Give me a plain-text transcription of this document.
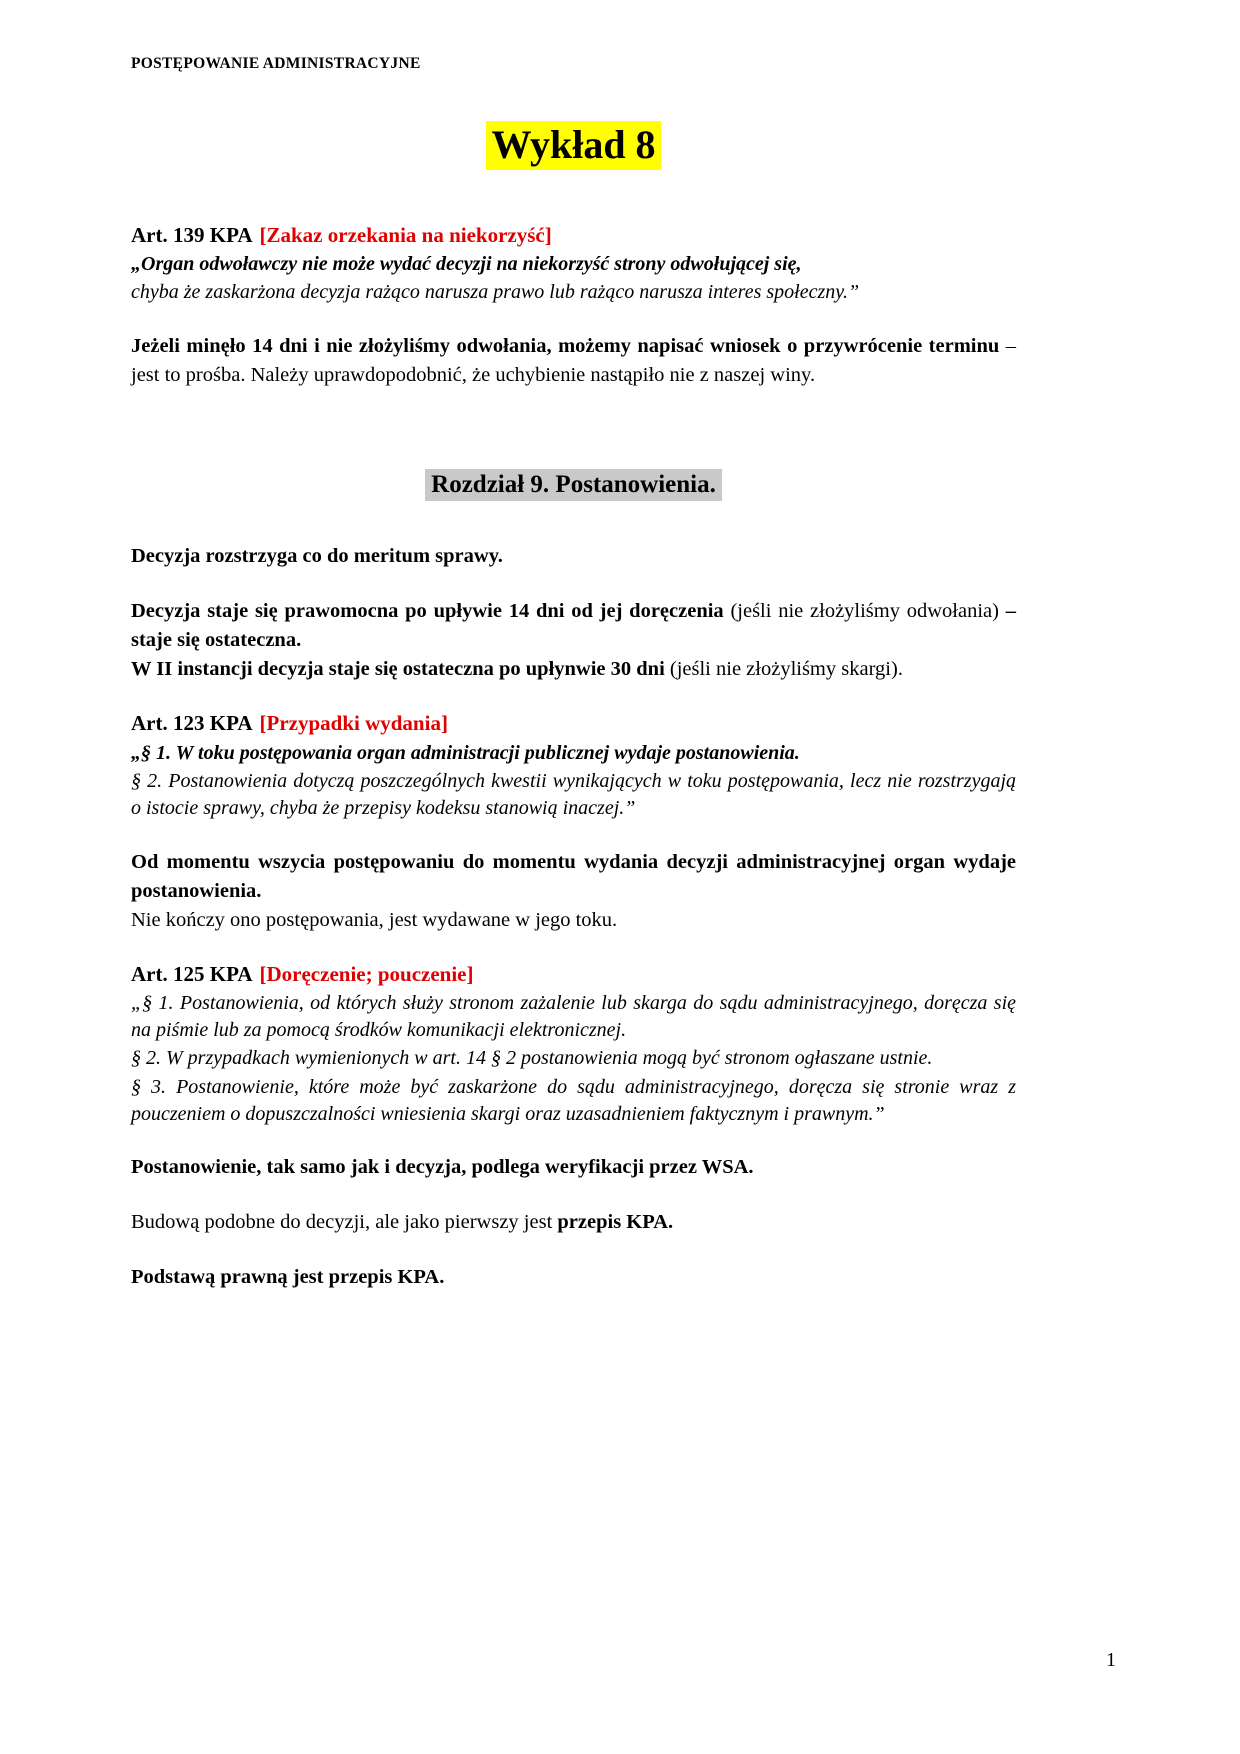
POSTĘPOWANIE ADMINISTRACYJNE

Wykład 8

Art. 139 KPA [Zakaz orzekania na niekorzyść]

„Organ odwoławczy nie może wydać decyzji na niekorzyść strony odwołującej się,

chyba że zaskarżona decyzja rażąco narusza prawo lub rażąco narusza interes społeczny.”

Jeżeli minęło 14 dni i nie złożyliśmy odwołania, możemy napisać wniosek o przywrócenie terminu – jest to prośba. Należy uprawdopodobnić, że uchybienie nastąpiło nie z naszej winy.

Rozdział 9. Postanowienia.

Decyzja rozstrzyga co do meritum sprawy.

Decyzja staje się prawomocna po upływie 14 dni od jej doręczenia (jeśli nie złożyliśmy odwołania) – staje się ostateczna.

W II instancji decyzja staje się ostateczna po upłynwie 30 dni (jeśli nie złożyliśmy skargi).

Art. 123 KPA [Przypadki wydania]

„§ 1. W toku postępowania organ administracji publicznej wydaje postanowienia.

§ 2. Postanowienia dotyczą poszczególnych kwestii wynikających w toku postępowania, lecz nie rozstrzygają o istocie sprawy, chyba że przepisy kodeksu stanowią inaczej.”

Od momentu wszycia postępowaniu do momentu wydania decyzji administracyjnej organ wydaje postanowienia.

Nie kończy ono postępowania, jest wydawane w jego toku.

Art. 125 KPA [Doręczenie; pouczenie]

„§ 1. Postanowienia, od których służy stronom zażalenie lub skarga do sądu administracyjnego, doręcza się na piśmie lub za pomocą środków komunikacji elektronicznej.

§ 2. W przypadkach wymienionych w art. 14 § 2 postanowienia mogą być stronom ogłaszane ustnie.

§ 3. Postanowienie, które może być zaskarżone do sądu administracyjnego, doręcza się stronie wraz z pouczeniem o dopuszczalności wniesienia skargi oraz uzasadnieniem faktycznym i prawnym.”

Postanowienie, tak samo jak i decyzja, podlega weryfikacji przez WSA.

Budową podobne do decyzji, ale jako pierwszy jest przepis KPA.

Podstawą prawną jest przepis KPA.

1
